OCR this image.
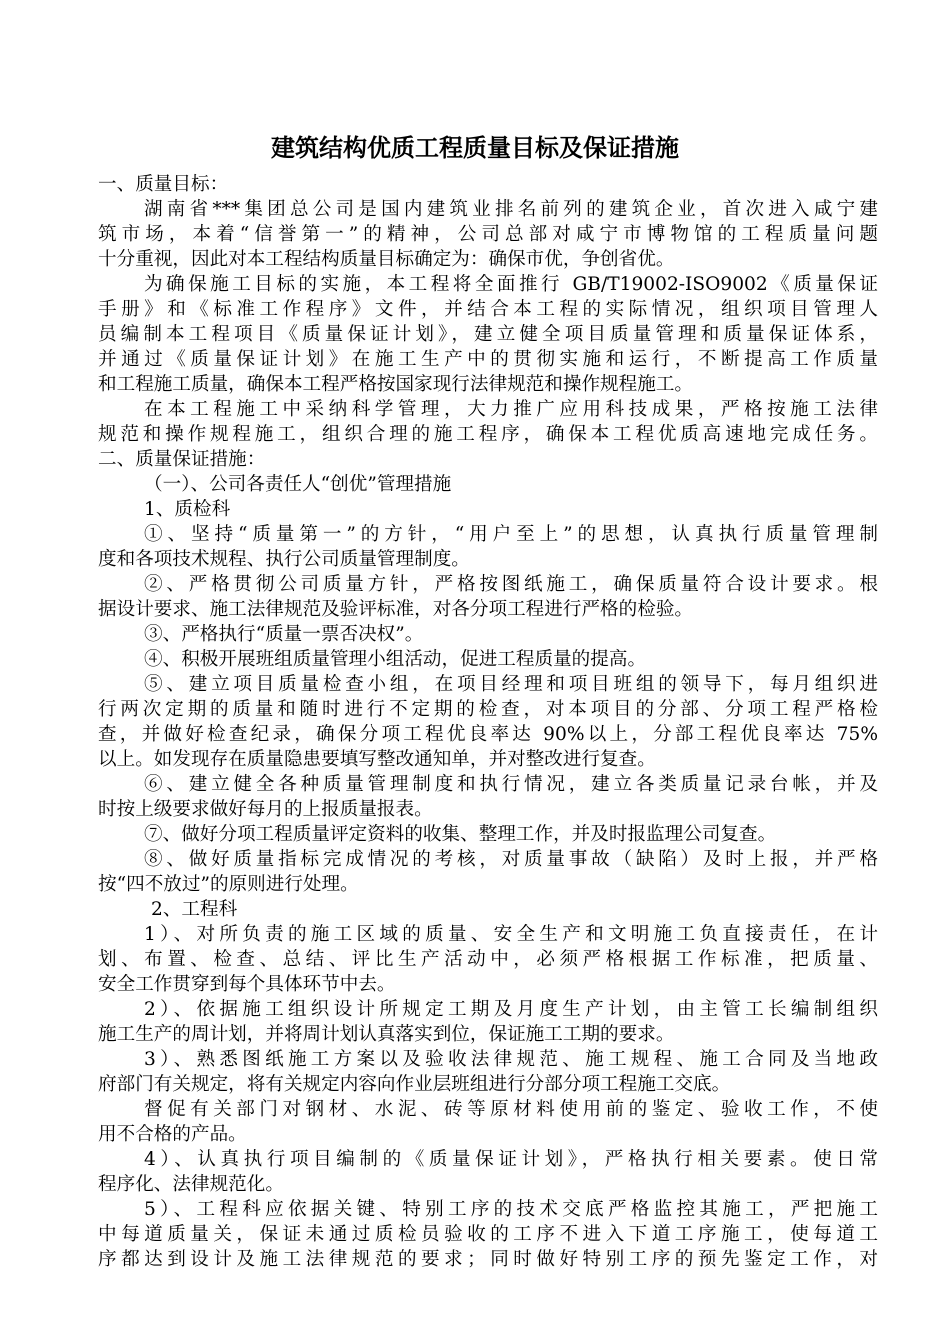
建筑结构优质工程质量目标及保证措施
一、质量目标：
湖南省***集团总公司是国内建筑业排名前列的建筑企业，首次进入咸宁建
筑市场，本着“信誉第一”的精神，公司总部对咸宁市博物馆的工程质量问题
十分重视，因此对本工程结构质量目标确定为：确保市优，争创省优。
为确保施工目标的实施，本工程将全面推行 GB/T19002-ISO9002《质量保证
手册》和《标准工作程序》文件，并结合本工程的实际情况，组织项目管理人
员编制本工程项目《质量保证计划》，建立健全项目质量管理和质量保证体系，
并通过《质量保证计划》在施工生产中的贯彻实施和运行，不断提高工作质量
和工程施工质量，确保本工程严格按国家现行法律规范和操作规程施工。
在本工程施工中采纳科学管理，大力推广应用科技成果，严格按施工法律
规范和操作规程施工，组织合理的施工程序，确保本工程优质高速地完成任务。
二、质量保证措施：
（一）、公司各责任人“创优”管理措施
1、质检科
①、坚持“质量第一”的方针，“用户至上”的思想，认真执行质量管理制
度和各项技术规程、执行公司质量管理制度。
②、严格贯彻公司质量方针，严格按图纸施工，确保质量符合设计要求。根
据设计要求、施工法律规范及验评标准，对各分项工程进行严格的检验。
③、严格执行“质量一票否决权”。
④、积极开展班组质量管理小组活动，促进工程质量的提高。
⑤、建立项目质量检查小组，在项目经理和项目班组的领导下，每月组织进
行两次定期的质量和随时进行不定期的检查，对本项目的分部、分项工程严格检
查，并做好检查纪录，确保分项工程优良率达 90%以上，分部工程优良率达 75%
以上。如发现存在质量隐患要填写整改通知单，并对整改进行复查。
⑥、建立健全各种质量管理制度和执行情况，建立各类质量记录台帐，并及
时按上级要求做好每月的上报质量报表。
⑦、做好分项工程质量评定资料的收集、整理工作，并及时报监理公司复查。
⑧、做好质量指标完成情况的考核，对质量事故（缺陷）及时上报，并严格
按“四不放过”的原则进行处理。
2、工程科
1）、对所负责的施工区域的质量、安全生产和文明施工负直接责任，在计
划、布置、检查、总结、评比生产活动中，必须严格根据工作标准，把质量、
安全工作贯穿到每个具体环节中去。
2）、依据施工组织设计所规定工期及月度生产计划，由主管工长编制组织
施工生产的周计划，并将周计划认真落实到位，保证施工工期的要求。
3）、熟悉图纸施工方案以及验收法律规范、施工规程、施工合同及当地政
府部门有关规定，将有关规定内容向作业层班组进行分部分项工程施工交底。
督促有关部门对钢材、水泥、砖等原材料使用前的鉴定、验收工作，不使
用不合格的产品。
4）、认真执行项目编制的《质量保证计划》，严格执行相关要素。使日常
程序化、法律规范化。
5）、工程科应依据关键、特别工序的技术交底严格监控其施工，严把施工
中每道质量关，保证未通过质检员验收的工序不进入下道工序施工，使每道工
序都达到设计及施工法律规范的要求；同时做好特别工序的预先鉴定工作，对
